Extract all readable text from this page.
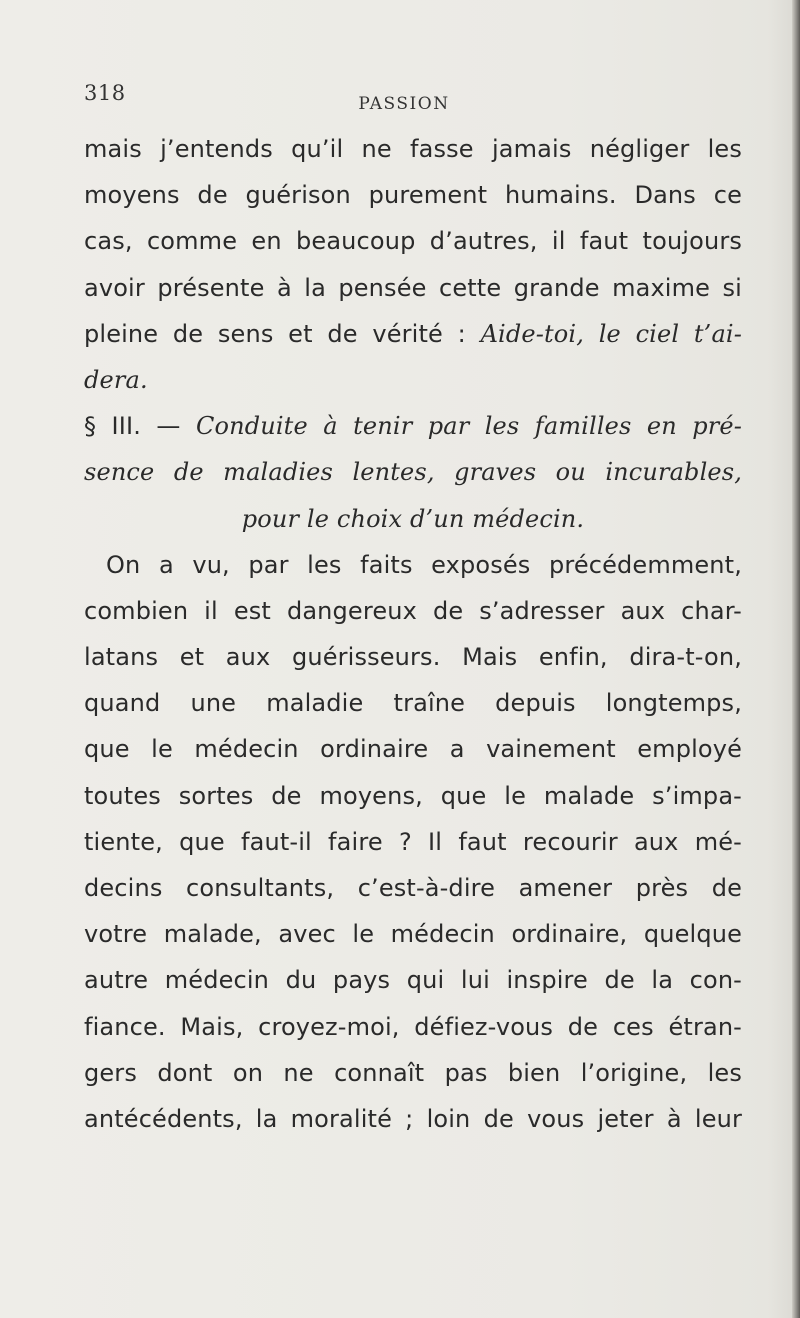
318	PASSION
mais j’entends qu’il ne fasse jamais négliger les
moyens de guérison purement humains. Dans ce
cas, comme en beaucoup d’autres, il faut toujours
avoir présente à la pensée cette grande maxime si
pleine de sens et de vérité : Aide-toi, le ciel t’ai-
dera.
§ III. — Conduite à tenir par les familles en pré-
sence de maladies lentes, graves ou incurables,
pour le choix d’un médecin.
On a vu, par les faits exposés précédemment,
combien il est dangereux de s’adresser aux char-
latans et aux guérisseurs. Mais enfin, dira-t-on,
quand une maladie traîne depuis longtemps,
que le médecin ordinaire a vainement employé
toutes sortes de moyens, que le malade s’impa-
tiente, que faut-il faire ? Il faut recourir aux mé-
decins consultants, c’est-à-dire amener près de
votre malade, avec le médecin ordinaire, quelque
autre médecin du pays qui lui inspire de la con-
fiance. Mais, croyez-moi, défiez-vous de ces étran-
gers dont on ne connaît pas bien l’origine, les
antécédents, la moralité ; loin de vous jeter à leur
